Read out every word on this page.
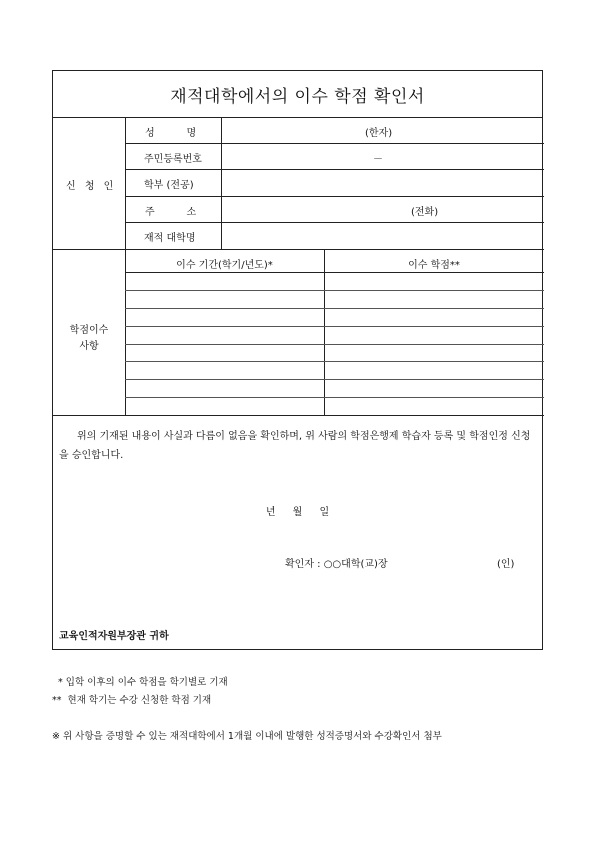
재적대학에서의 이수 학점 확인서
신 청 인
성          명	(한자)
주민등록번호	－
학부 (전공)
주          소	(전화)
재적 대학명
학점이수
사항
이수 기간(학기/년도)*	이수 학점**
위의 기재된 내용이 사실과 다름이 없음을 확인하며, 위 사람의 학점은행제 학습자 등록 및 학점인정 신청을 승인합니다.
년 월 일
확인자 : ○○대학(교)장	(인)
교육인적자원부장관 귀하
* 입학 이후의 이수 학점을 학기별로 기재
**  현재 학기는 수강 신청한 학점 기재
※ 위 사항을 증명할 수 있는 재적대학에서 1개월 이내에 발행한 성적증명서와 수강확인서 첨부
